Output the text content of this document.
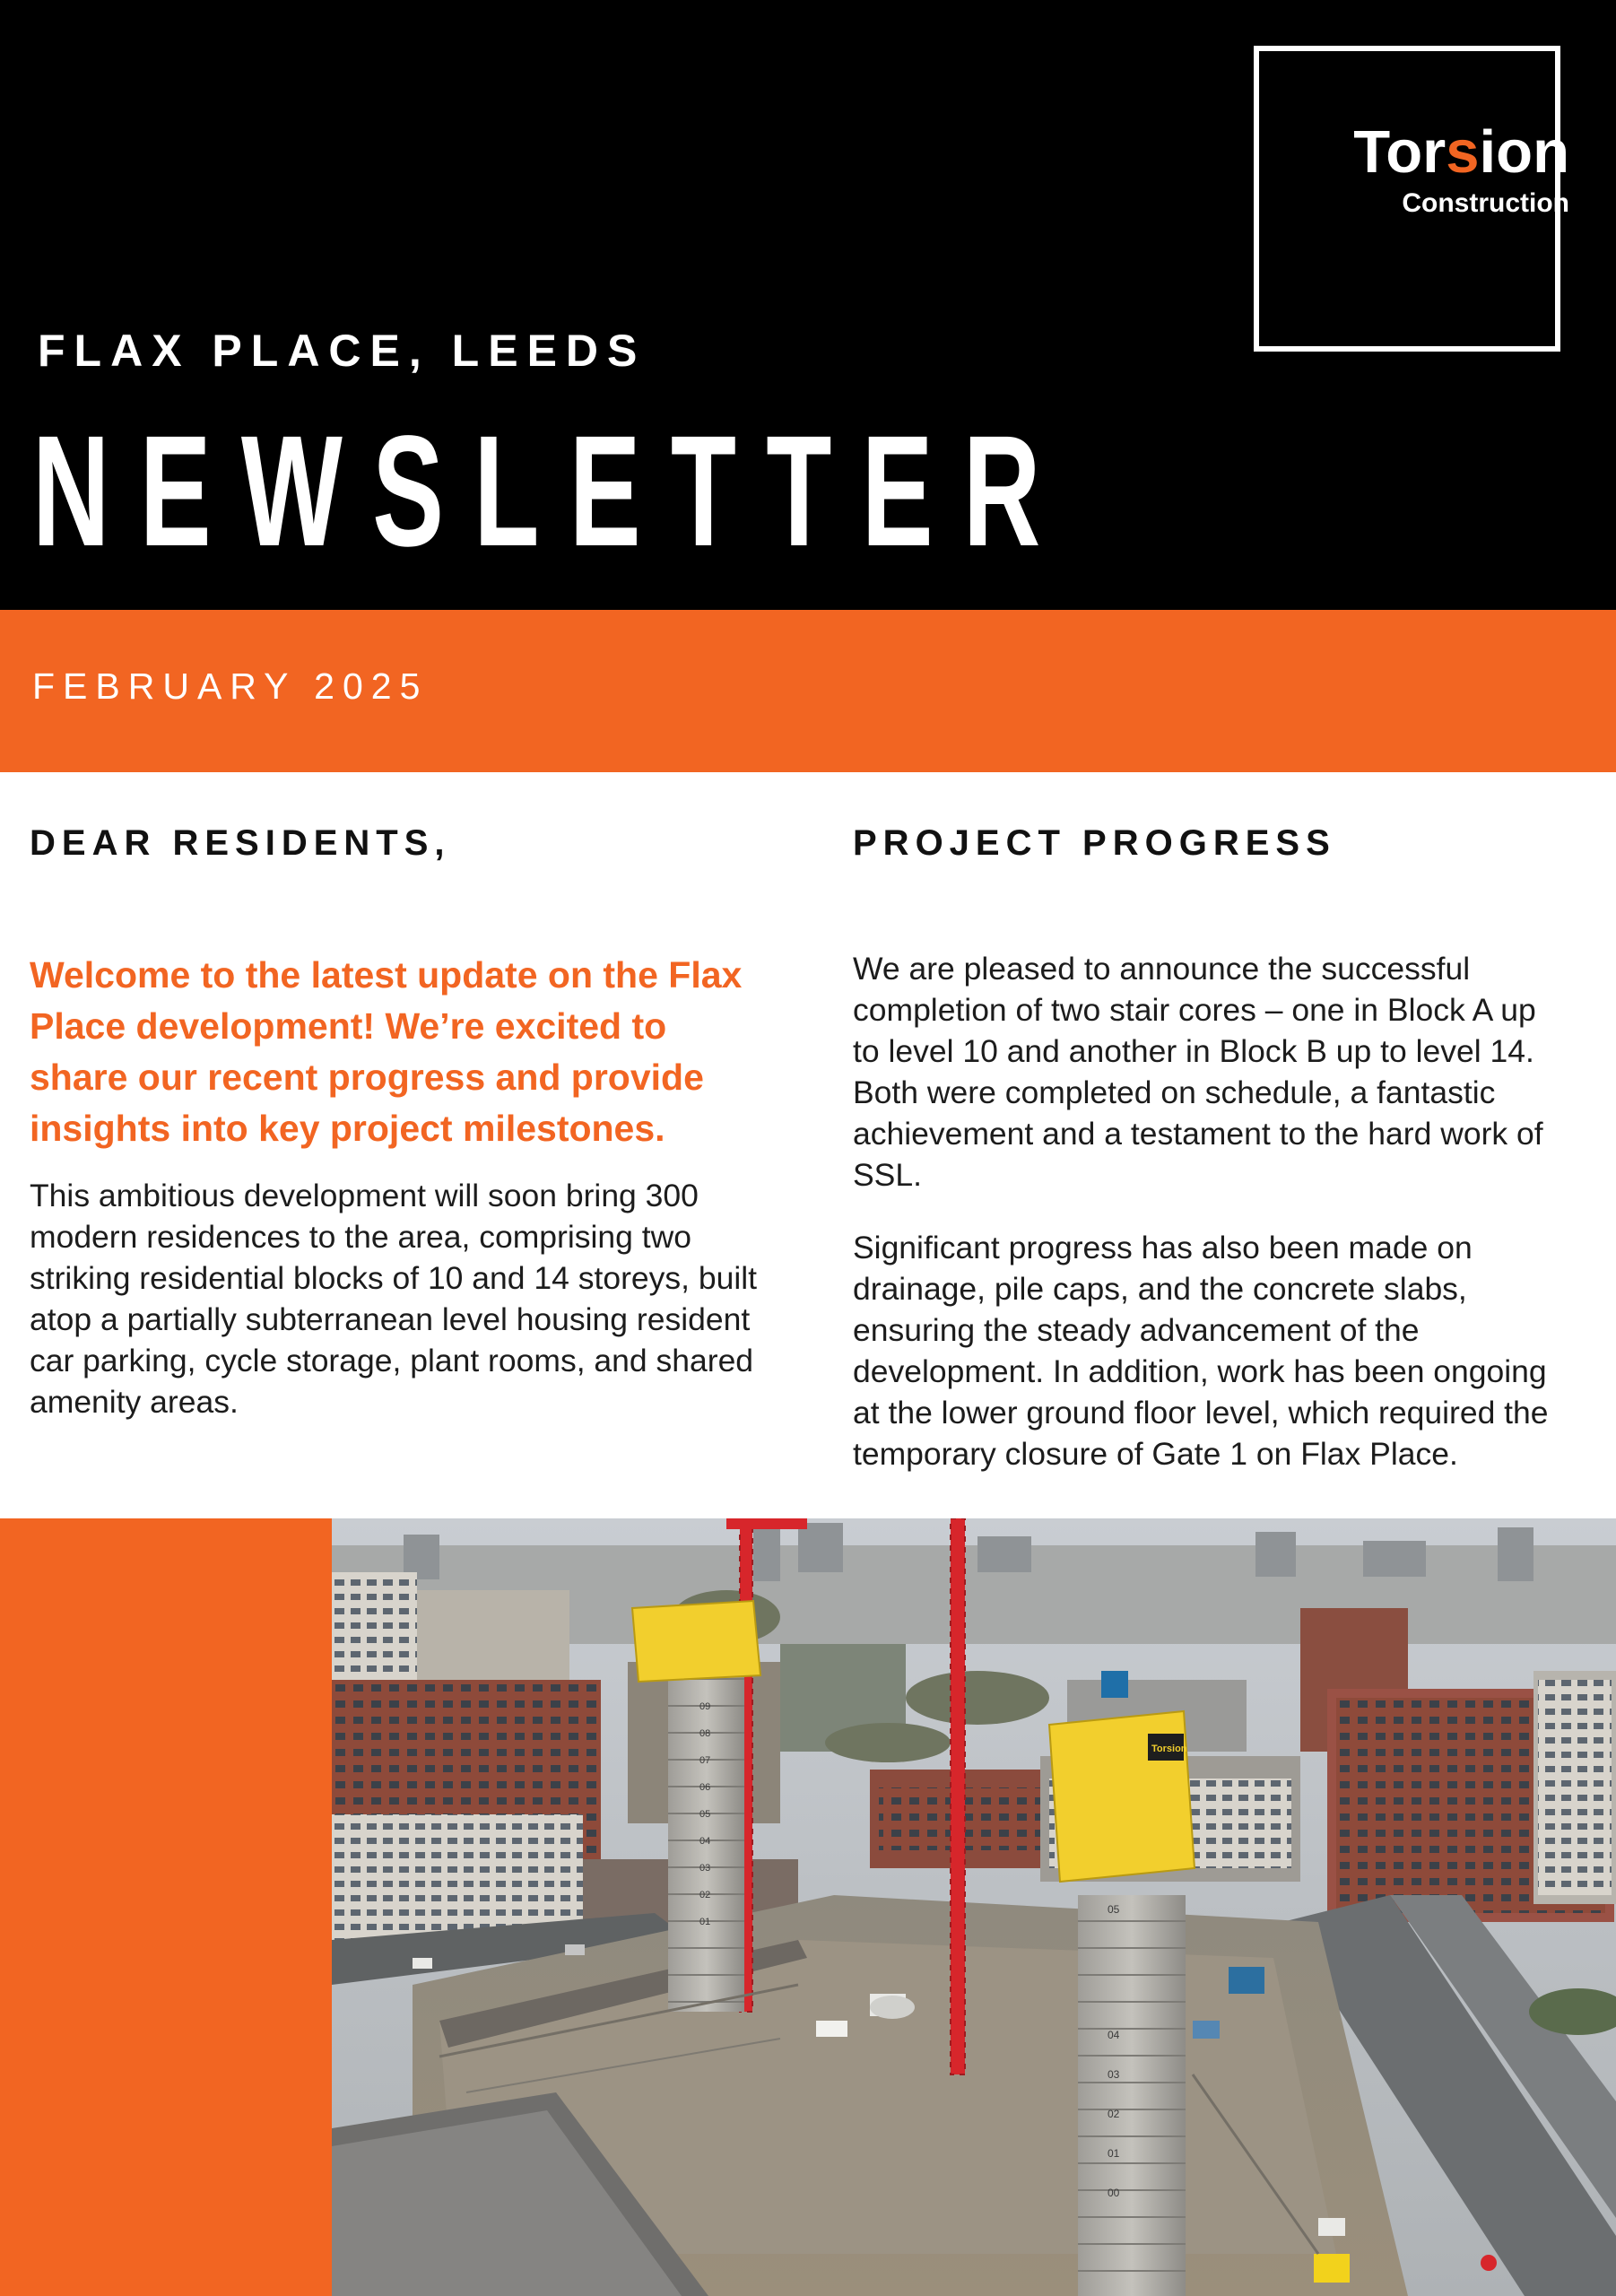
Torsion
Construction
FLAX PLACE, LEEDS
NEWSLETTER
FEBRUARY 2025
DEAR RESIDENTS,

Welcome to the latest update on the Flax Place development! We’re excited to share our recent progress and provide insights into key project milestones.

This ambitious development will soon bring 300 modern residences to the area, comprising two striking residential blocks of 10 and 14 storeys, built atop a partially subterranean level housing resident car parking, cycle storage, plant rooms, and shared amenity areas.

PROJECT PROGRESS

We are pleased to announce the successful completion of two stair cores – one in Block A up to level 10 and another in Block B up to level 14. Both were completed on schedule, a fantastic achievement and a testament to the hard work of SSL.

Significant progress has also been made on drainage, pile caps, and the concrete slabs, ensuring the steady advancement of the development. In addition, work has been ongoing at the lower ground floor level, which required the temporary closure of Gate 1 on Flax Place.

09
08
07
06
05
04
03
02
01
Torsion
05
04
03
02
01
00
